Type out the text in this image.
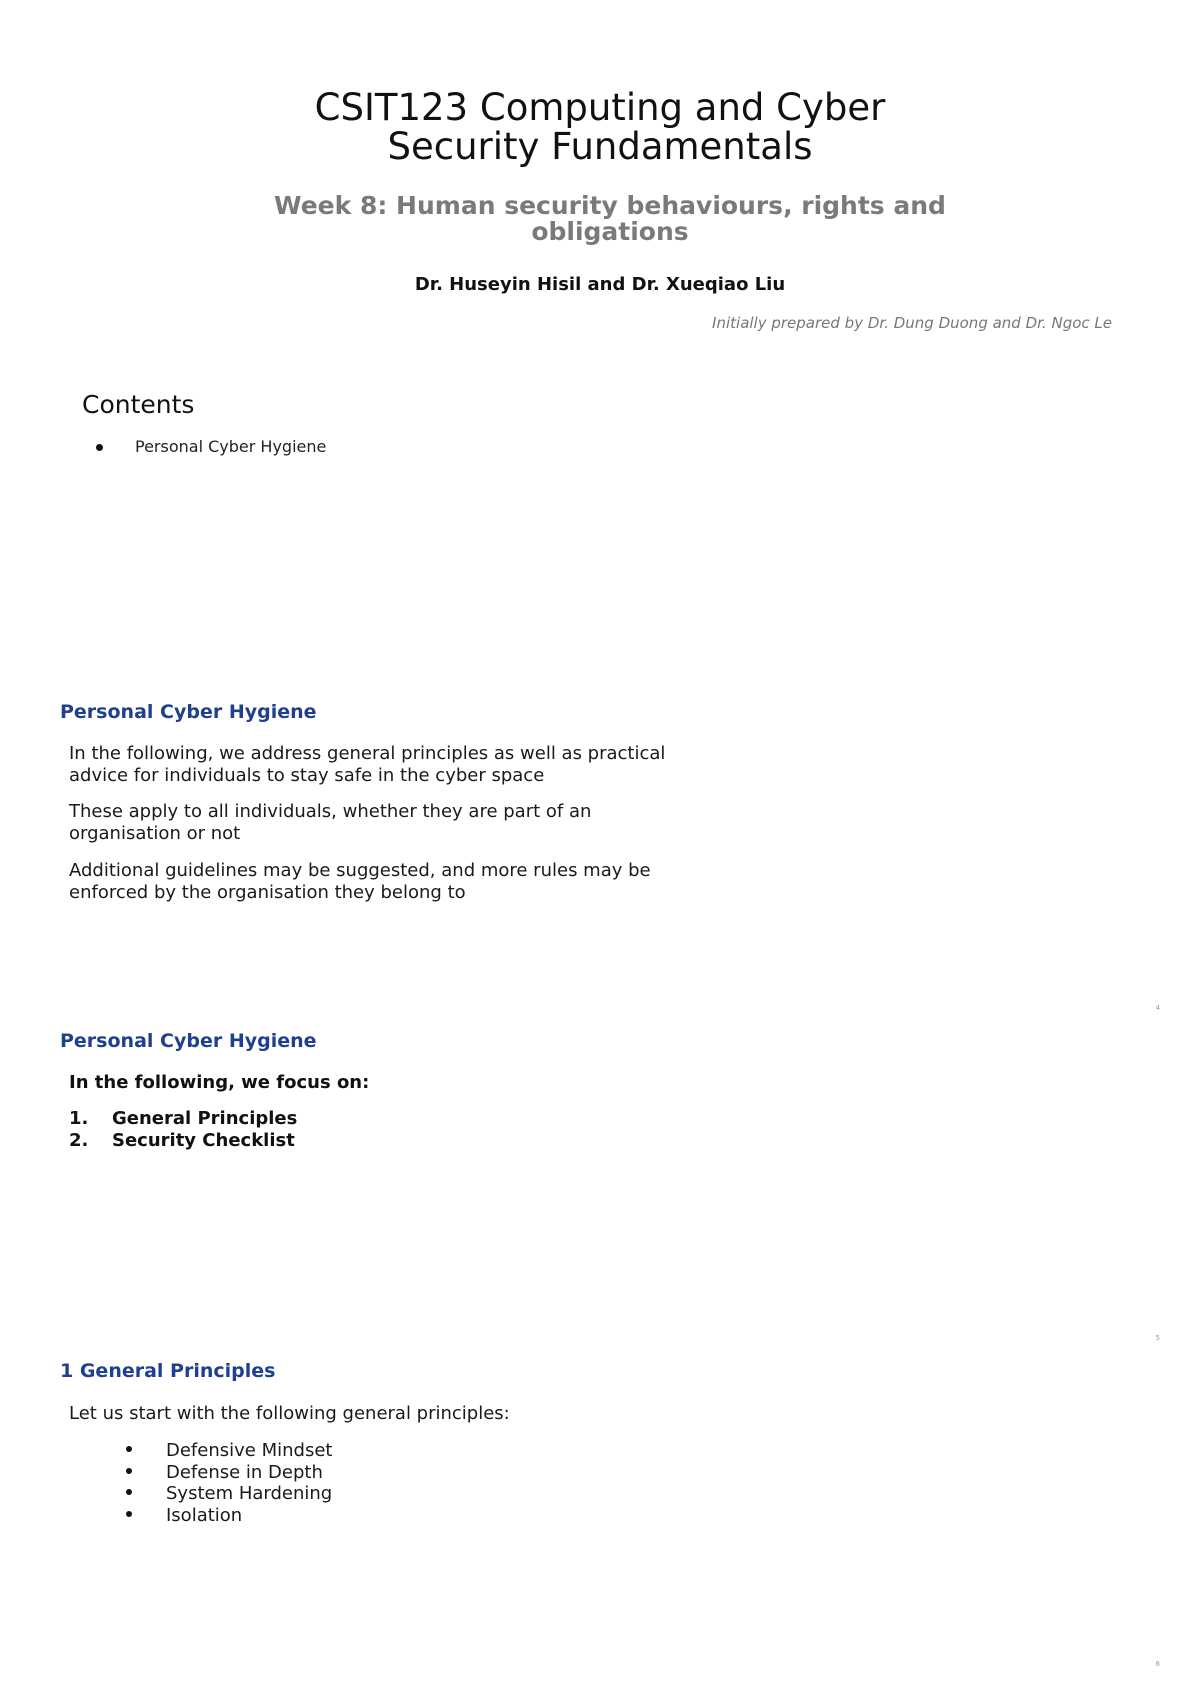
CSIT123 Computing and Cyber
Security Fundamentals
Week 8: Human security behaviours, rights and
obligations
Dr. Huseyin Hisil and Dr. Xueqiao Liu
Initially prepared by Dr. Dung Duong and Dr. Ngoc Le
Contents
Personal Cyber Hygiene
Personal Cyber Hygiene
In the following, we address general principles as well as practical
advice for individuals to stay safe in the cyber space
These apply to all individuals, whether they are part of an
organisation or not
Additional guidelines may be suggested, and more rules may be
enforced by the organisation they belong to
4
Personal Cyber Hygiene
In the following, we focus on:
1. General Principles
2. Security Checklist
5
1 General Principles
Let us start with the following general principles:
Defensive Mindset
Defense in Depth
System Hardening
Isolation
6
